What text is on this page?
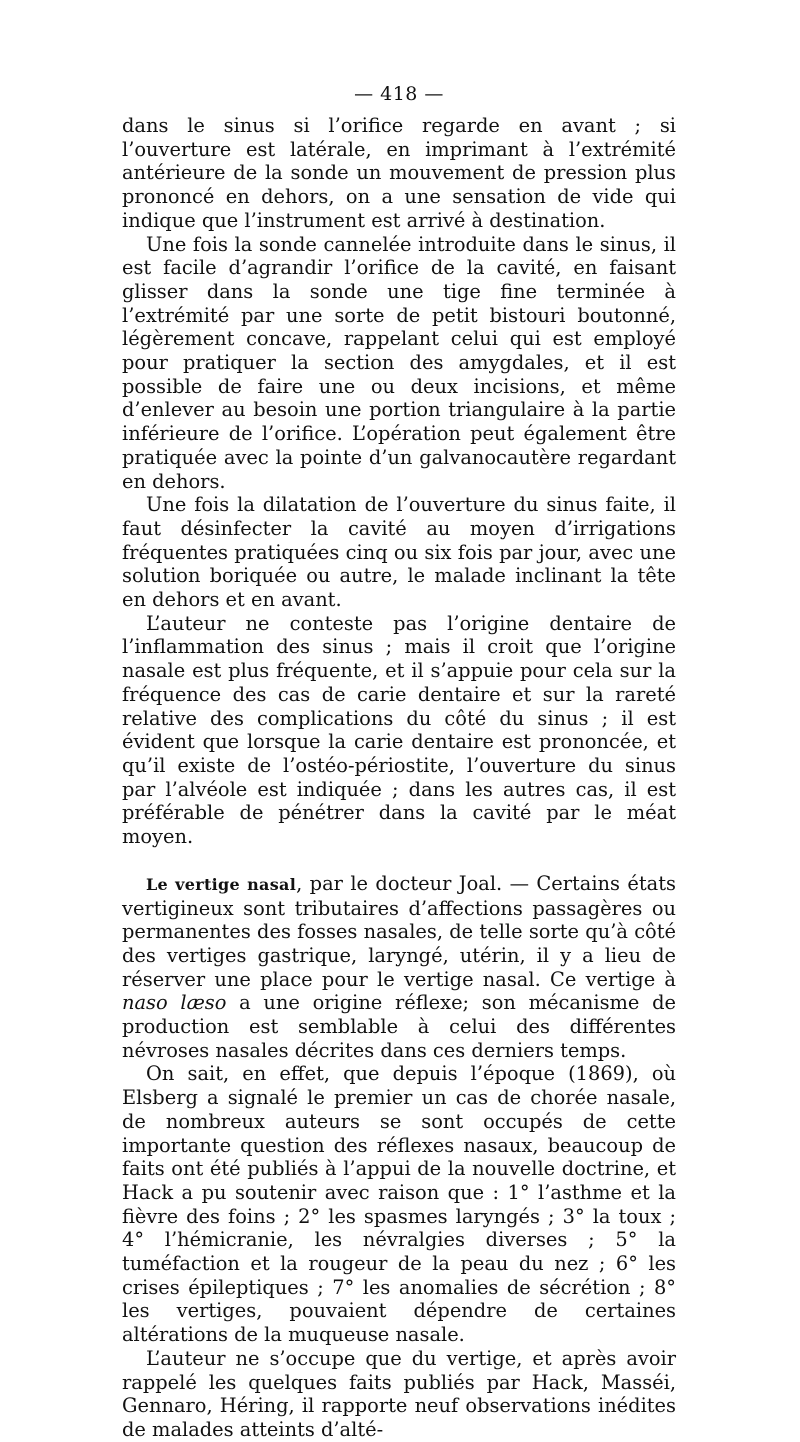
— 418 —

dans le sinus si l’orifice regarde en avant ; si l’ouverture est latérale, en imprimant à l’extrémité antérieure de la sonde un mouvement de pression plus prononcé en dehors, on a une sensation de vide qui indique que l’instrument est arrivé à destination.

Une fois la sonde cannelée introduite dans le sinus, il est facile d’agrandir l’orifice de la cavité, en faisant glisser dans la sonde une tige fine terminée à l’extrémité par une sorte de petit bistouri boutonné, légèrement concave, rappelant celui qui est employé pour pratiquer la section des amygdales, et il est possible de faire une ou deux incisions, et même d’enlever au besoin une portion triangulaire à la partie inférieure de l’orifice. L’opération peut également être pratiquée avec la pointe d’un galvanocautère regardant en dehors.

Une fois la dilatation de l’ouverture du sinus faite, il faut désinfecter la cavité au moyen d’irrigations fréquentes pratiquées cinq ou six fois par jour, avec une solution boriquée ou autre, le malade inclinant la tête en dehors et en avant.

L’auteur ne conteste pas l’origine dentaire de l’inflammation des sinus ; mais il croit que l’origine nasale est plus fréquente, et il s’appuie pour cela sur la fréquence des cas de carie dentaire et sur la rareté relative des complications du côté du sinus ; il est évident que lorsque la carie dentaire est prononcée, et qu’il existe de l’ostéo-périostite, l’ouverture du sinus par l’alvéole est indiquée ; dans les autres cas, il est préférable de pénétrer dans la cavité par le méat moyen.

Le vertige nasal, par le docteur Joal. — Certains états vertigineux sont tributaires d’affections passagères ou permanentes des fosses nasales, de telle sorte qu’à côté des vertiges gastrique, laryngé, utérin, il y a lieu de réserver une place pour le vertige nasal. Ce vertige à naso læso a une origine réflexe; son mécanisme de production est semblable à celui des différentes névroses nasales décrites dans ces derniers temps.

On sait, en effet, que depuis l’époque (1869), où Elsberg a signalé le premier un cas de chorée nasale, de nombreux auteurs se sont occupés de cette importante question des réflexes nasaux, beaucoup de faits ont été publiés à l’appui de la nouvelle doctrine, et Hack a pu soutenir avec raison que : 1° l’asthme et la fièvre des foins ; 2° les spasmes laryngés ; 3° la toux ; 4° l’hémicranie, les névralgies diverses ; 5° la tuméfaction et la rougeur de la peau du nez ; 6° les crises épileptiques ; 7° les anomalies de sécrétion ; 8° les vertiges, pouvaient dépendre de certaines altérations de la muqueuse nasale.

L’auteur ne s’occupe que du vertige, et après avoir rappelé les quelques faits publiés par Hack, Masséi, Gennaro, Héring, il rapporte neuf observations inédites de malades atteints d’alté-
